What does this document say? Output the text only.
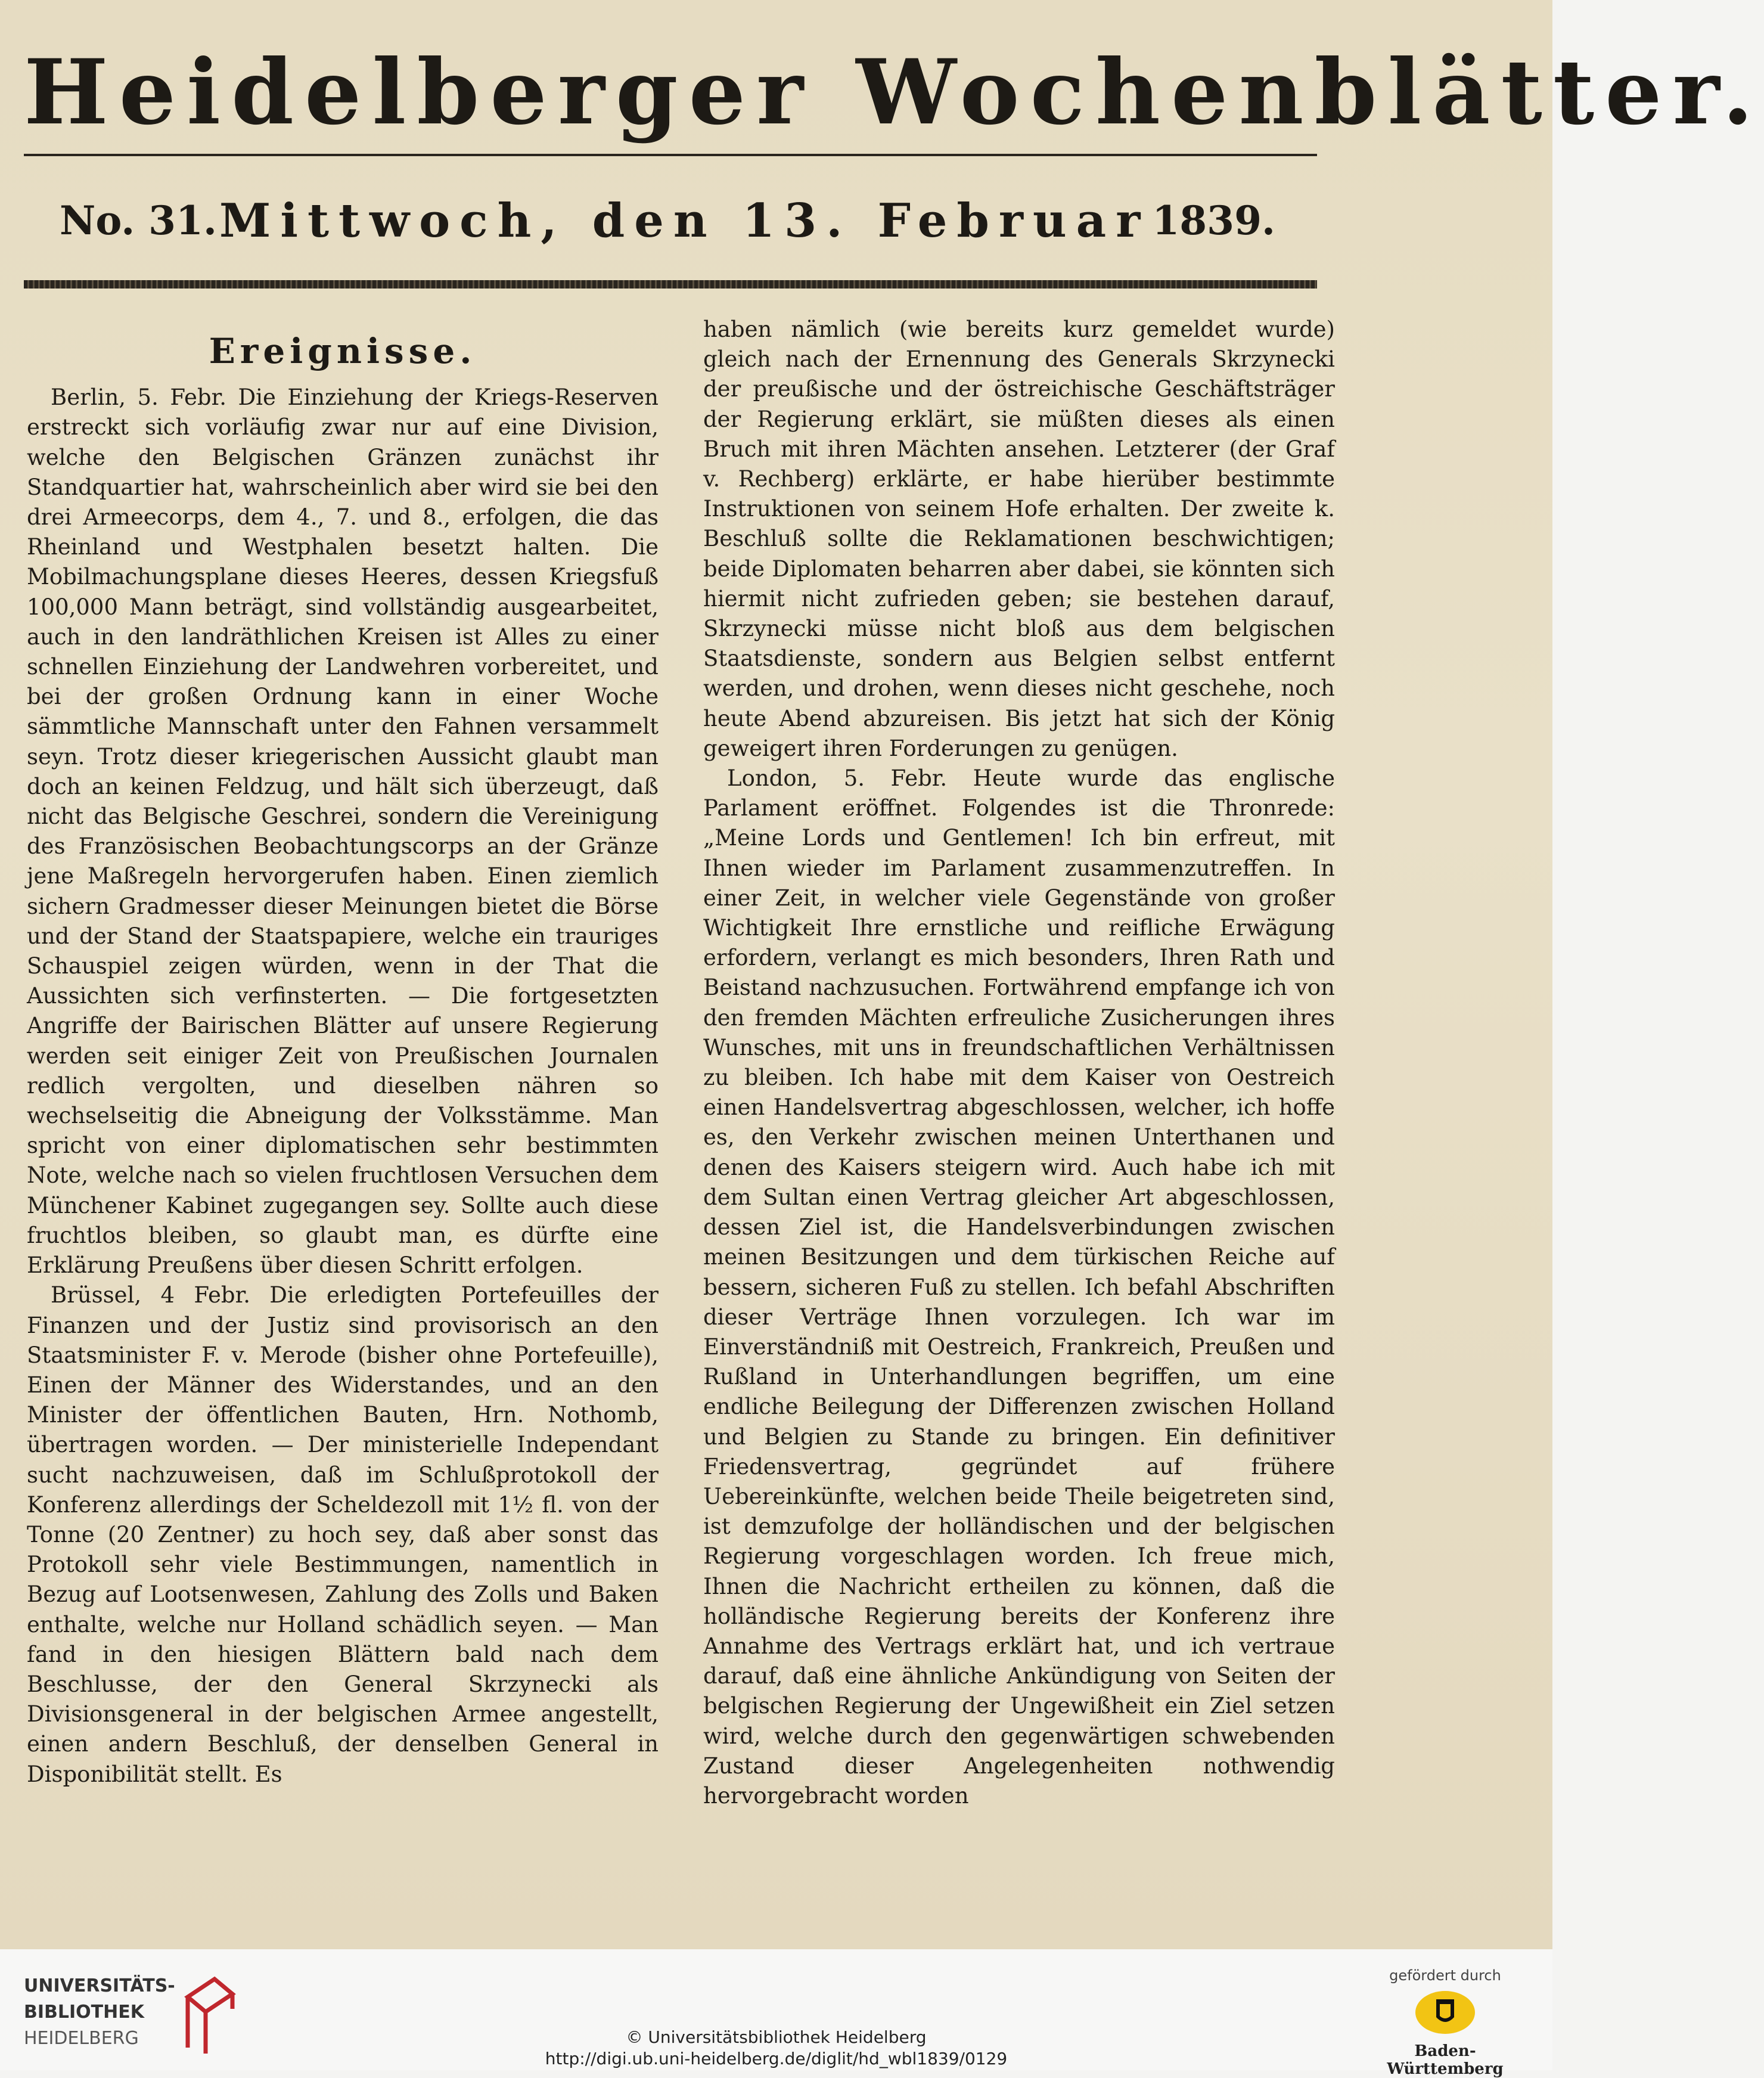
Heidelberger Wochenblätter.
No. 31. Mittwoch, den 13. Februar 1839.
Ereignisse.

Berlin, 5. Febr. Die Einziehung der Kriegs-Reserven erstreckt sich vorläufig zwar nur auf eine Division, welche den Belgischen Gränzen zunächst ihr Standquartier hat, wahrscheinlich aber wird sie bei den drei Armeecorps, dem 4., 7. und 8., erfolgen, die das Rheinland und Westphalen besetzt halten. Die Mobilmachungsplane dieses Heeres, dessen Kriegsfuß 100,000 Mann beträgt, sind vollständig ausgearbeitet, auch in den landräthlichen Kreisen ist Alles zu einer schnellen Einziehung der Landwehren vorbereitet, und bei der großen Ordnung kann in einer Woche sämmtliche Mannschaft unter den Fahnen versammelt seyn. Trotz dieser kriegerischen Aussicht glaubt man doch an keinen Feldzug, und hält sich überzeugt, daß nicht das Belgische Geschrei, sondern die Vereinigung des Französischen Beobachtungscorps an der Gränze jene Maßregeln hervorgerufen haben. Einen ziemlich sichern Gradmesser dieser Meinungen bietet die Börse und der Stand der Staatspapiere, welche ein trauriges Schauspiel zeigen würden, wenn in der That die Aussichten sich verfinsterten. — Die fortgesetzten Angriffe der Bairischen Blätter auf unsere Regierung werden seit einiger Zeit von Preußischen Journalen redlich vergolten, und dieselben nähren so wechselseitig die Abneigung der Volksstämme. Man spricht von einer diplomatischen sehr bestimmten Note, welche nach so vielen fruchtlosen Versuchen dem Münchener Kabinet zugegangen sey. Sollte auch diese fruchtlos bleiben, so glaubt man, es dürfte eine Erklärung Preußens über diesen Schritt erfolgen.

Brüssel, 4 Febr. Die erledigten Portefeuilles der Finanzen und der Justiz sind provisorisch an den Staatsminister F. v. Merode (bisher ohne Portefeuille), Einen der Männer des Widerstandes, und an den Minister der öffentlichen Bauten, Hrn. Nothomb, übertragen worden. — Der ministerielle Independant sucht nachzuweisen, daß im Schlußprotokoll der Konferenz allerdings der Scheldezoll mit 1½ fl. von der Tonne (20 Zentner) zu hoch sey, daß aber sonst das Protokoll sehr viele Bestimmungen, namentlich in Bezug auf Lootsenwesen, Zahlung des Zolls und Baken enthalte, welche nur Holland schädlich seyen. — Man fand in den hiesigen Blättern bald nach dem Beschlusse, der den General Skrzynecki als Divisionsgeneral in der belgischen Armee angestellt, einen andern Beschluß, der denselben General in Disponibilität stellt. Es

haben nämlich (wie bereits kurz gemeldet wurde) gleich nach der Ernennung des Generals Skrzynecki der preußische und der östreichische Geschäftsträger der Regierung erklärt, sie müßten dieses als einen Bruch mit ihren Mächten ansehen. Letzterer (der Graf v. Rechberg) erklärte, er habe hierüber bestimmte Instruktionen von seinem Hofe erhalten. Der zweite k. Beschluß sollte die Reklamationen beschwichtigen; beide Diplomaten beharren aber dabei, sie könnten sich hiermit nicht zufrieden geben; sie bestehen darauf, Skrzynecki müsse nicht bloß aus dem belgischen Staatsdienste, sondern aus Belgien selbst entfernt werden, und drohen, wenn dieses nicht geschehe, noch heute Abend abzureisen. Bis jetzt hat sich der König geweigert ihren Forderungen zu genügen.

London, 5. Febr. Heute wurde das englische Parlament eröffnet. Folgendes ist die Thronrede: „Meine Lords und Gentlemen! Ich bin erfreut, mit Ihnen wieder im Parlament zusammenzutreffen. In einer Zeit, in welcher viele Gegenstände von großer Wichtigkeit Ihre ernstliche und reifliche Erwägung erfordern, verlangt es mich besonders, Ihren Rath und Beistand nachzusuchen. Fortwährend empfange ich von den fremden Mächten erfreuliche Zusicherungen ihres Wunsches, mit uns in freundschaftlichen Verhältnissen zu bleiben. Ich habe mit dem Kaiser von Oestreich einen Handelsvertrag abgeschlossen, welcher, ich hoffe es, den Verkehr zwischen meinen Unterthanen und denen des Kaisers steigern wird. Auch habe ich mit dem Sultan einen Vertrag gleicher Art abgeschlossen, dessen Ziel ist, die Handelsverbindungen zwischen meinen Besitzungen und dem türkischen Reiche auf bessern, sicheren Fuß zu stellen. Ich befahl Abschriften dieser Verträge Ihnen vorzulegen. Ich war im Einverständniß mit Oestreich, Frankreich, Preußen und Rußland in Unterhandlungen begriffen, um eine endliche Beilegung der Differenzen zwischen Holland und Belgien zu Stande zu bringen. Ein definitiver Friedensvertrag, gegründet auf frühere Uebereinkünfte, welchen beide Theile beigetreten sind, ist demzufolge der holländischen und der belgischen Regierung vorgeschlagen worden. Ich freue mich, Ihnen die Nachricht ertheilen zu können, daß die holländische Regierung bereits der Konferenz ihre Annahme des Vertrags erklärt hat, und ich vertraue darauf, daß eine ähnliche Ankündigung von Seiten der belgischen Regierung der Ungewißheit ein Ziel setzen wird, welche durch den gegenwärtigen schwebenden Zustand dieser Angelegenheiten nothwendig hervorgebracht worden

UNIVERSITÄTS-
BIBLIOTHEK
HEIDELBERG	© Universitätsbibliothek Heidelberg
http://digi.ub.uni-heidelberg.de/diglit/hd_wbl1839/0129
gefördert durch
Baden-Württemberg
